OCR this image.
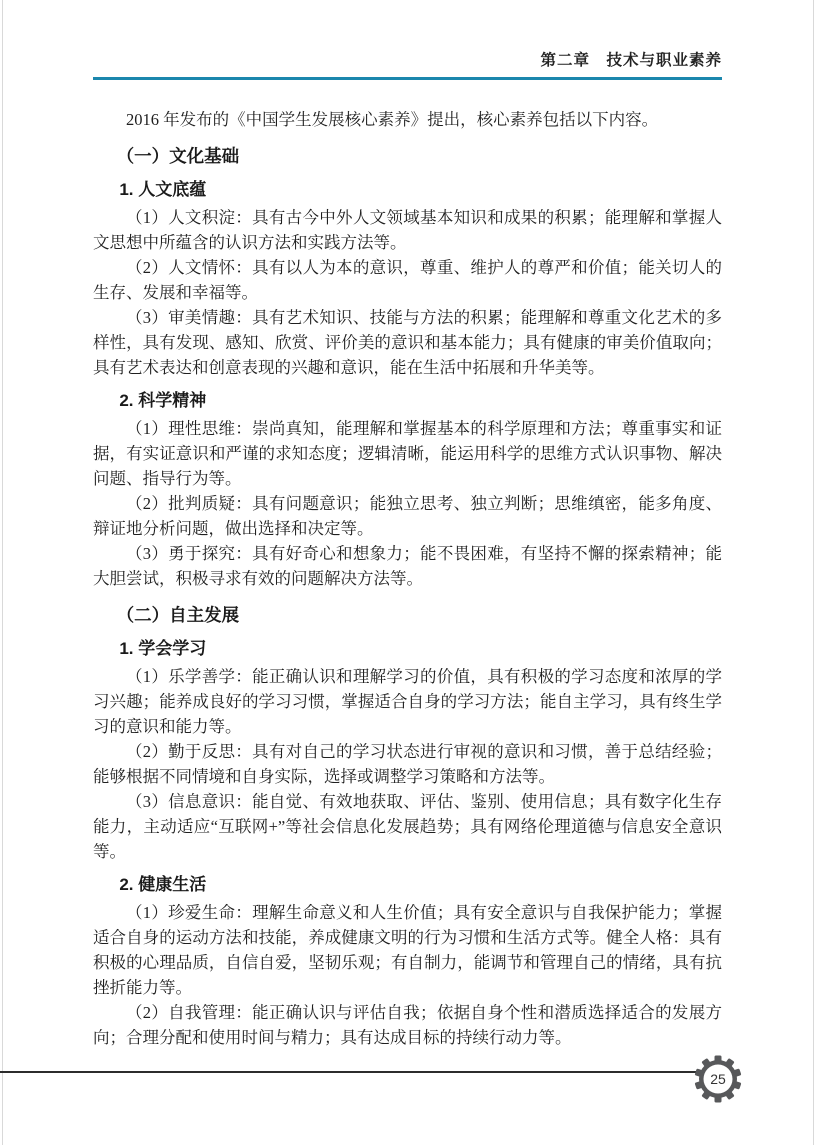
第二章　技术与职业素养

2016 年发布的《中国学生发展核心素养》提出，核心素养包括以下内容。

（一）文化基础
1. 人文底蕴

（1）人文积淀：具有古今中外人文领域基本知识和成果的积累；能理解和掌握人文思想中所蕴含的认识方法和实践方法等。

（2）人文情怀：具有以人为本的意识，尊重、维护人的尊严和价值；能关切人的生存、发展和幸福等。

（3）审美情趣：具有艺术知识、技能与方法的积累；能理解和尊重文化艺术的多样性，具有发现、感知、欣赏、评价美的意识和基本能力；具有健康的审美价值取向；具有艺术表达和创意表现的兴趣和意识，能在生活中拓展和升华美等。

2. 科学精神

（1）理性思维：崇尚真知，能理解和掌握基本的科学原理和方法；尊重事实和证据，有实证意识和严谨的求知态度；逻辑清晰，能运用科学的思维方式认识事物、解决问题、指导行为等。

（2）批判质疑：具有问题意识；能独立思考、独立判断；思维缜密，能多角度、辩证地分析问题，做出选择和决定等。

（3）勇于探究：具有好奇心和想象力；能不畏困难，有坚持不懈的探索精神；能大胆尝试，积极寻求有效的问题解决方法等。

（二）自主发展
1. 学会学习

（1）乐学善学：能正确认识和理解学习的价值，具有积极的学习态度和浓厚的学习兴趣；能养成良好的学习习惯，掌握适合自身的学习方法；能自主学习，具有终生学习的意识和能力等。

（2）勤于反思：具有对自己的学习状态进行审视的意识和习惯，善于总结经验；能够根据不同情境和自身实际，选择或调整学习策略和方法等。

（3）信息意识：能自觉、有效地获取、评估、鉴别、使用信息；具有数字化生存能力，主动适应“互联网+”等社会信息化发展趋势；具有网络伦理道德与信息安全意识等。

2. 健康生活

（1）珍爱生命：理解生命意义和人生价值；具有安全意识与自我保护能力；掌握适合自身的运动方法和技能，养成健康文明的行为习惯和生活方式等。健全人格：具有积极的心理品质，自信自爱，坚韧乐观；有自制力，能调节和管理自己的情绪，具有抗挫折能力等。

（2）自我管理：能正确认识与评估自我；依据自身个性和潜质选择适合的发展方向；合理分配和使用时间与精力；具有达成目标的持续行动力等。

25
